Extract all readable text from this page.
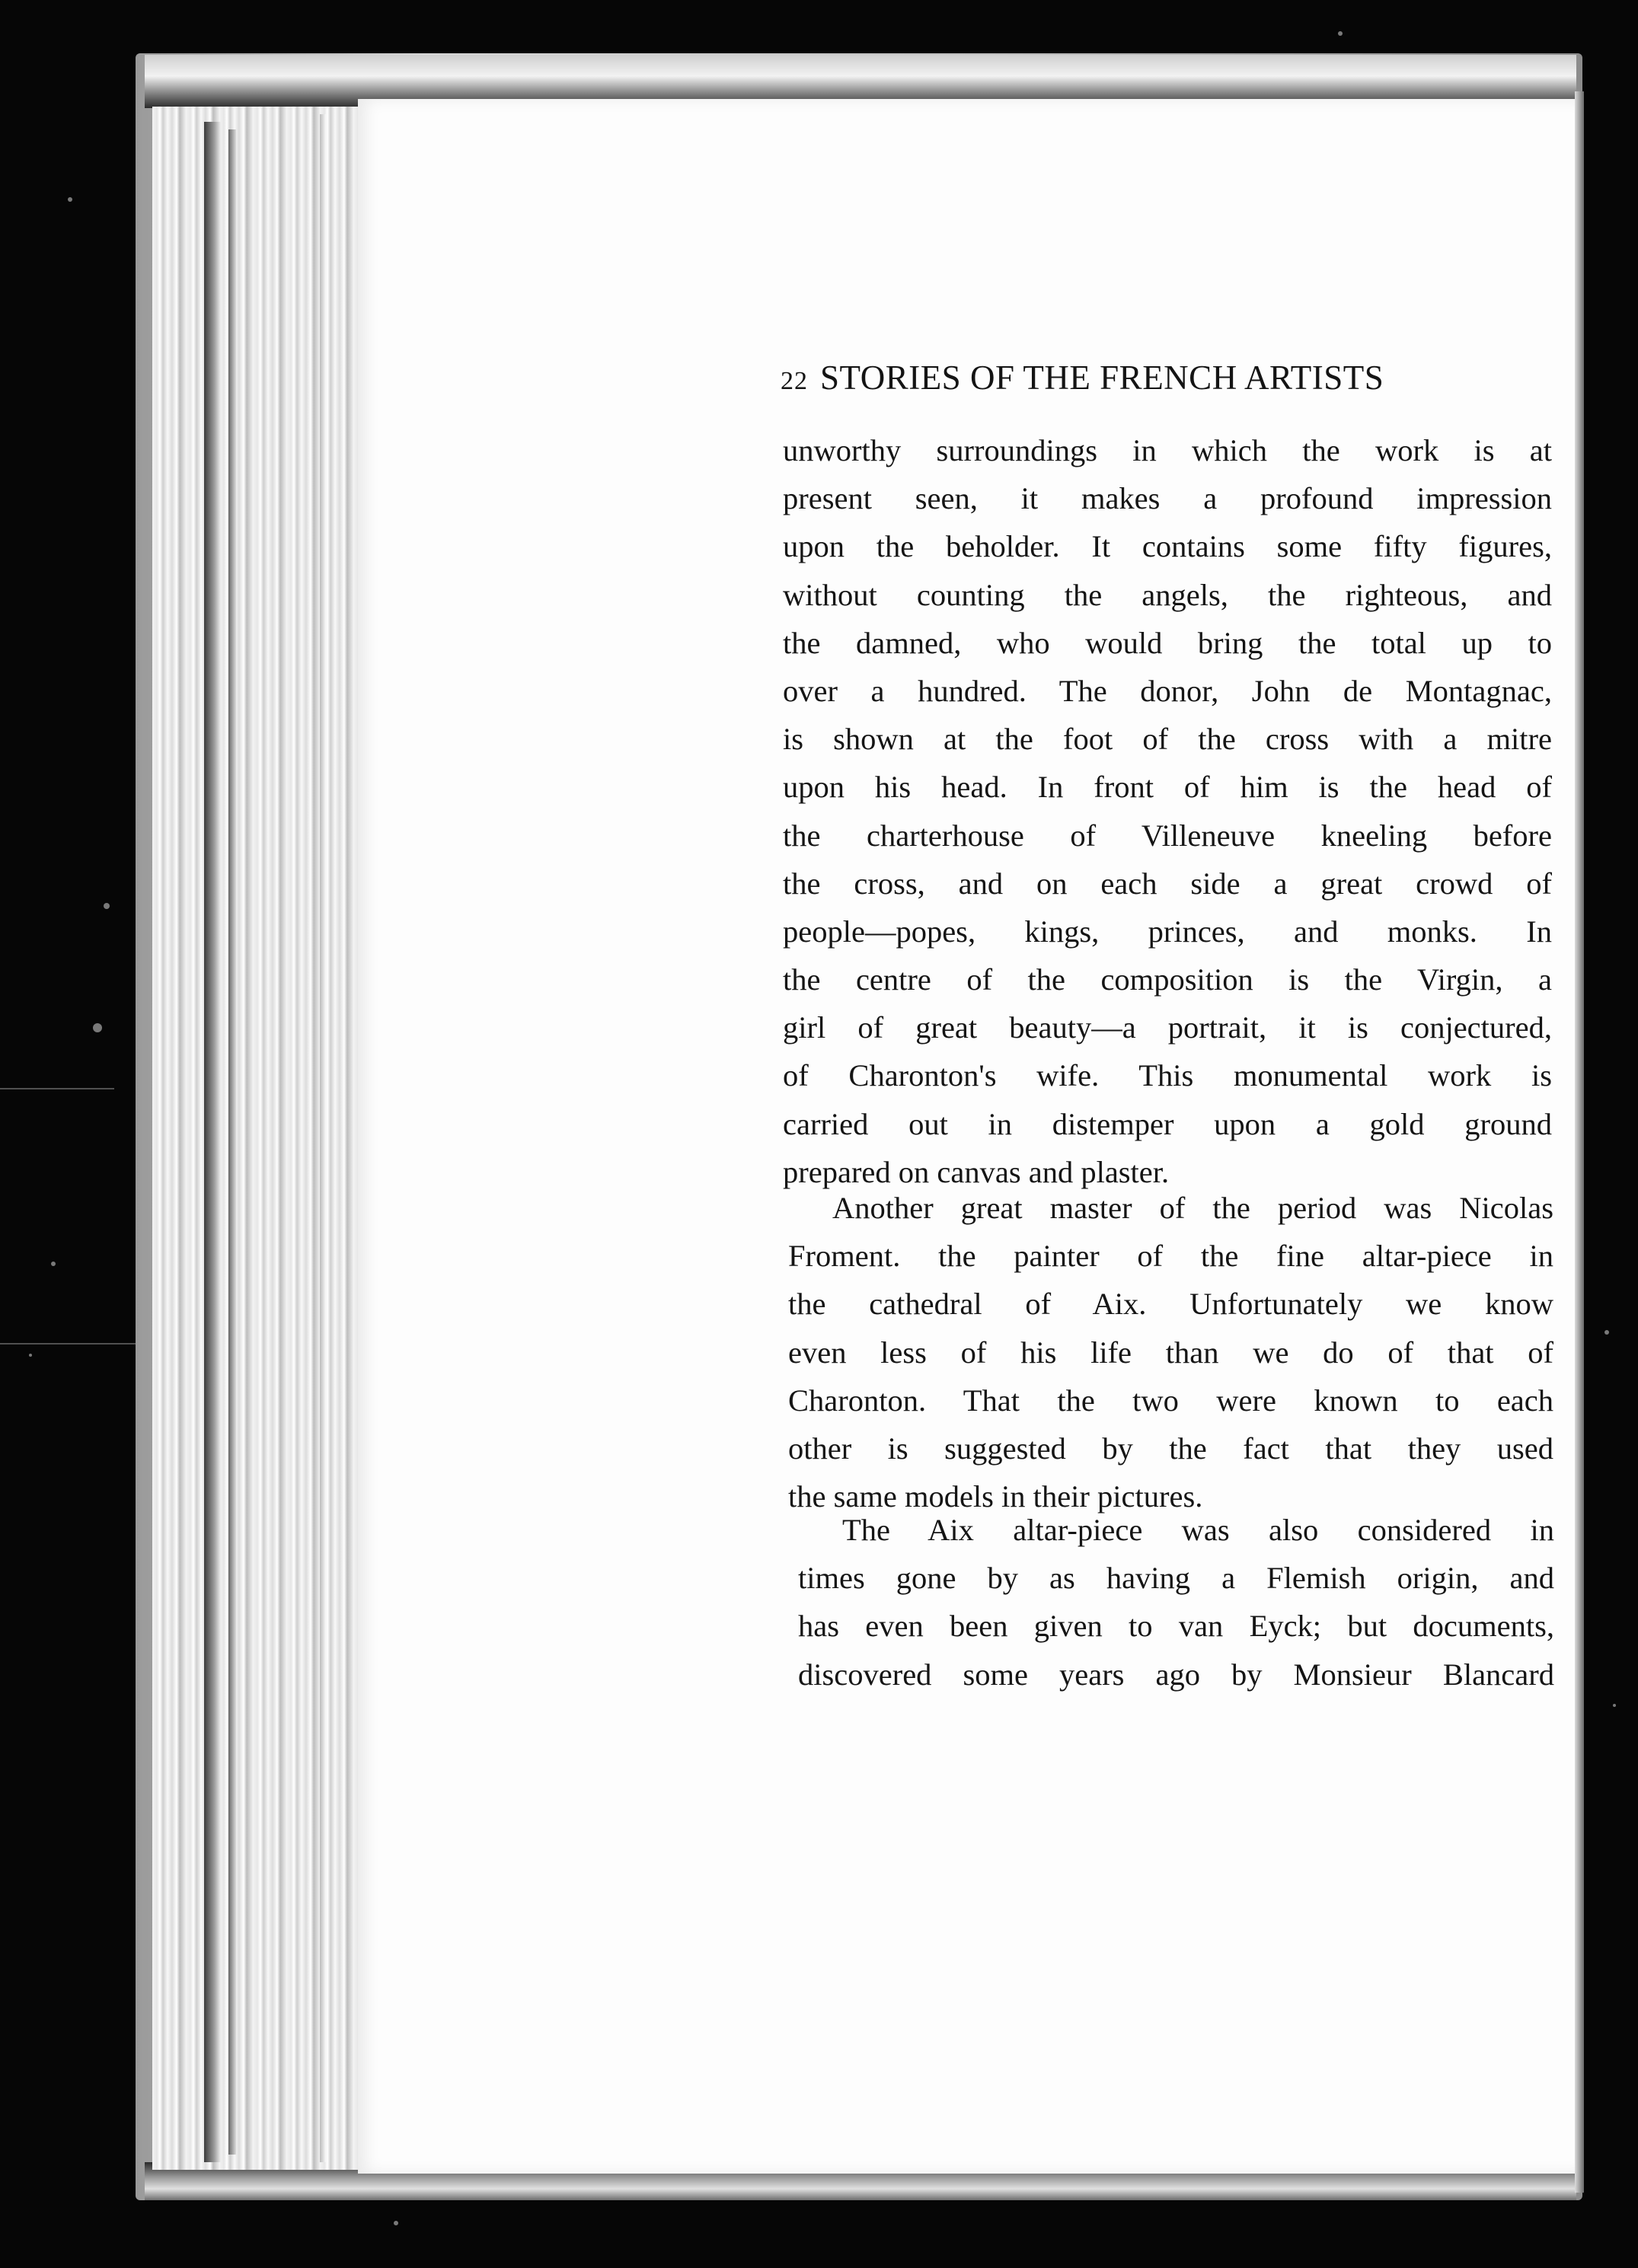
22 STORIES OF THE FRENCH ARTISTS
unworthy surroundings in which the work is at
present seen, it makes a profound impression
upon the beholder. It contains some fifty figures,
without counting the angels, the righteous, and
the damned, who would bring the total up to
over a hundred. The donor, John de Montagnac,
is shown at the foot of the cross with a mitre
upon his head. In front of him is the head of
the charterhouse of Villeneuve kneeling before
the cross, and on each side a great crowd of
people—popes, kings, princes, and monks. In
the centre of the composition is the Virgin, a
girl of great beauty—a portrait, it is conjectured,
of Charonton's wife. This monumental work is
carried out in distemper upon a gold ground
prepared on canvas and plaster.
Another great master of the period was Nicolas
Froment. the painter of the fine altar-piece in
the cathedral of Aix. Unfortunately we know
even less of his life than we do of that of
Charonton. That the two were known to each
other is suggested by the fact that they used
the same models in their pictures.
The Aix altar-piece was also considered in
times gone by as having a Flemish origin, and
has even been given to van Eyck; but documents,
discovered some years ago by Monsieur Blancard
